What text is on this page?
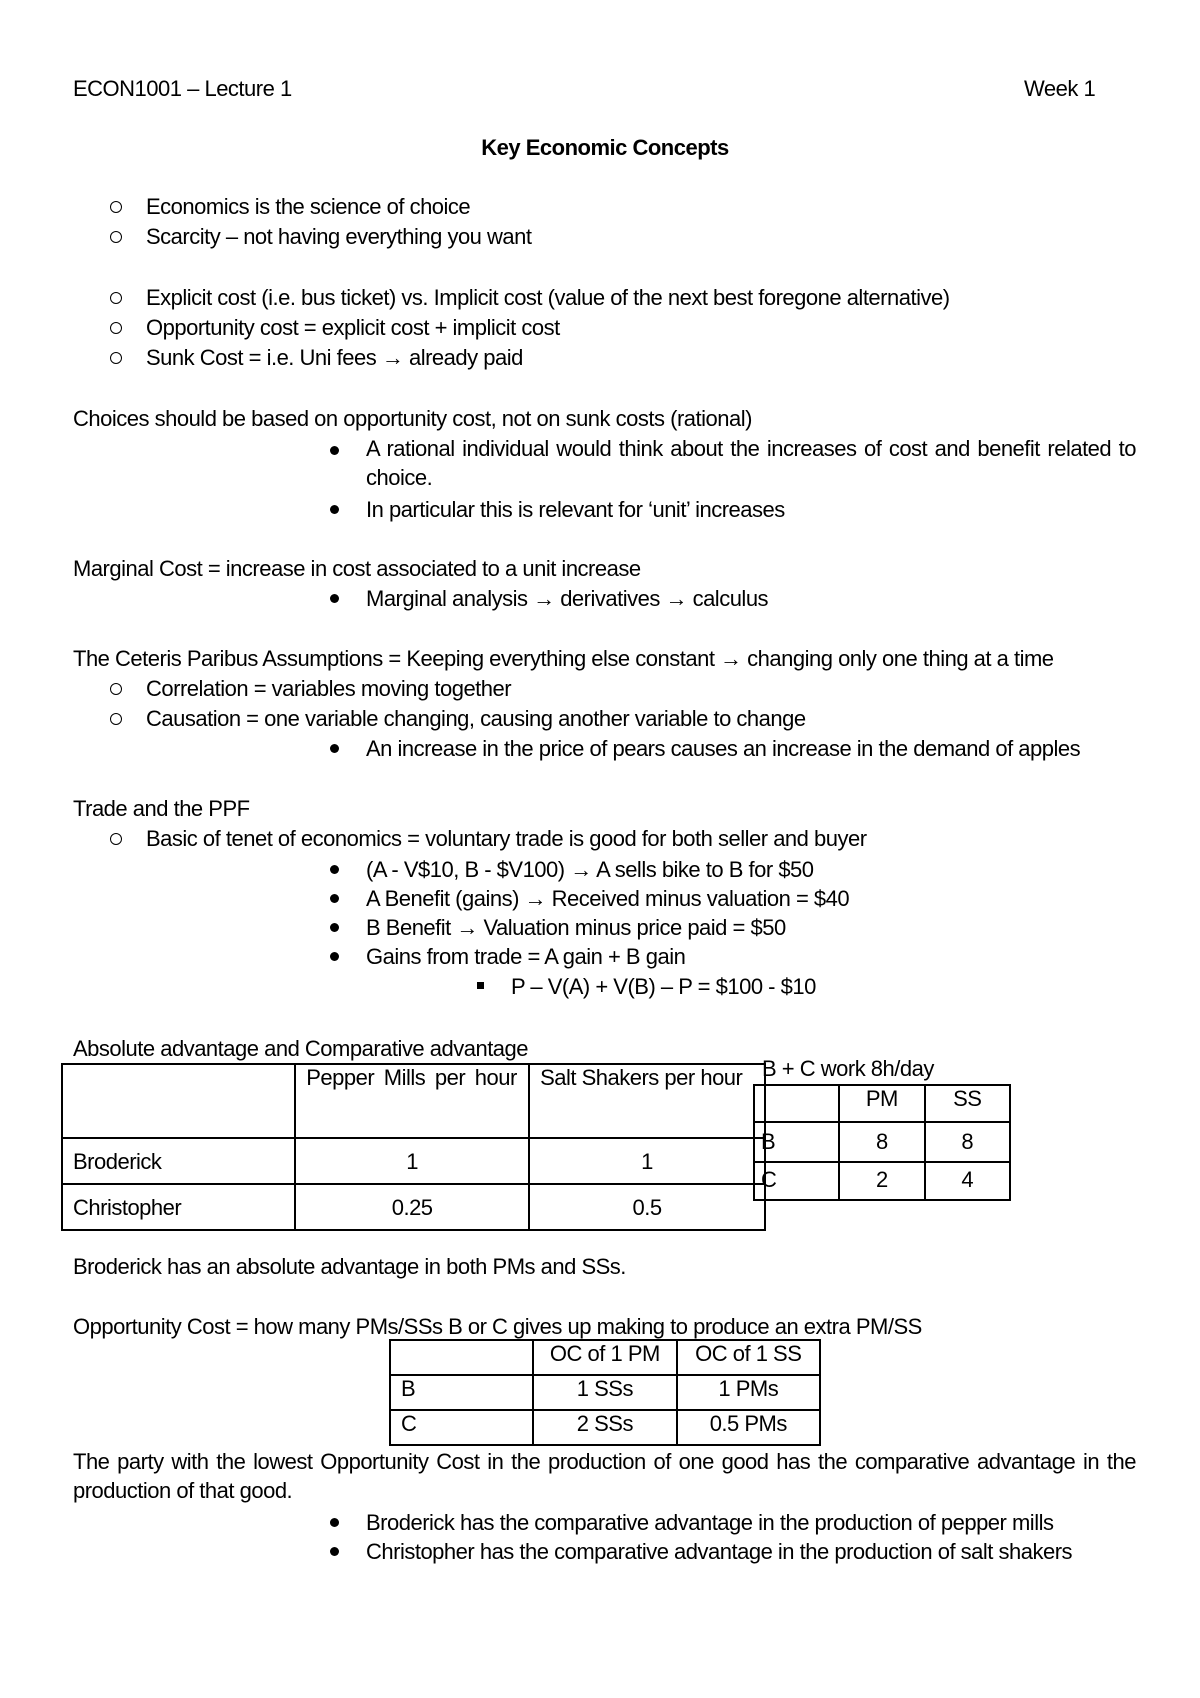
ECON1001 – Lecture 1	Week 1
Key Economic Concepts
Economics is the science of choice
Scarcity – not having everything you want
Explicit cost (i.e. bus ticket) vs. Implicit cost (value of the next best foregone alternative)
Opportunity cost = explicit cost + implicit cost
Sunk Cost = i.e. Uni fees → already paid
Choices should be based on opportunity cost, not on sunk costs (rational)
A rational individual would think about the increases of cost and benefit related to choice.
In particular this is relevant for ‘unit’ increases
Marginal Cost = increase in cost associated to a unit increase
Marginal analysis → derivatives → calculus
The Ceteris Paribus Assumptions = Keeping everything else constant → changing only one thing at a time
Correlation = variables moving together
Causation = one variable changing, causing another variable to change
An increase in the price of pears causes an increase in the demand of apples
Trade and the PPF
Basic of tenet of economics = voluntary trade is good for both seller and buyer
(A - V$10, B - $V100) → A sells bike to B for $50
A Benefit (gains) → Received minus valuation = $40
B Benefit → Valuation minus price paid = $50
Gains from trade = A gain + B gain
P – V(A) + V(B) – P = $100 - $10
Absolute advantage and Comparative advantage
	Pepper Mills per hour	Salt Shakers per hour
Broderick	1	1
Christopher	0.25	0.5
B + C work 8h/day
	PM	SS
B	8	8
C	2	4
Broderick has an absolute advantage in both PMs and SSs.
Opportunity Cost = how many PMs/SSs B or C gives up making to produce an extra PM/SS
	OC of 1 PM	OC of 1 SS
B	1 SSs	1 PMs
C	2 SSs	0.5 PMs
The party with the lowest Opportunity Cost in the production of one good has the comparative advantage in the production of that good.
Broderick has the comparative advantage in the production of pepper mills
Christopher has the comparative advantage in the production of salt shakers
